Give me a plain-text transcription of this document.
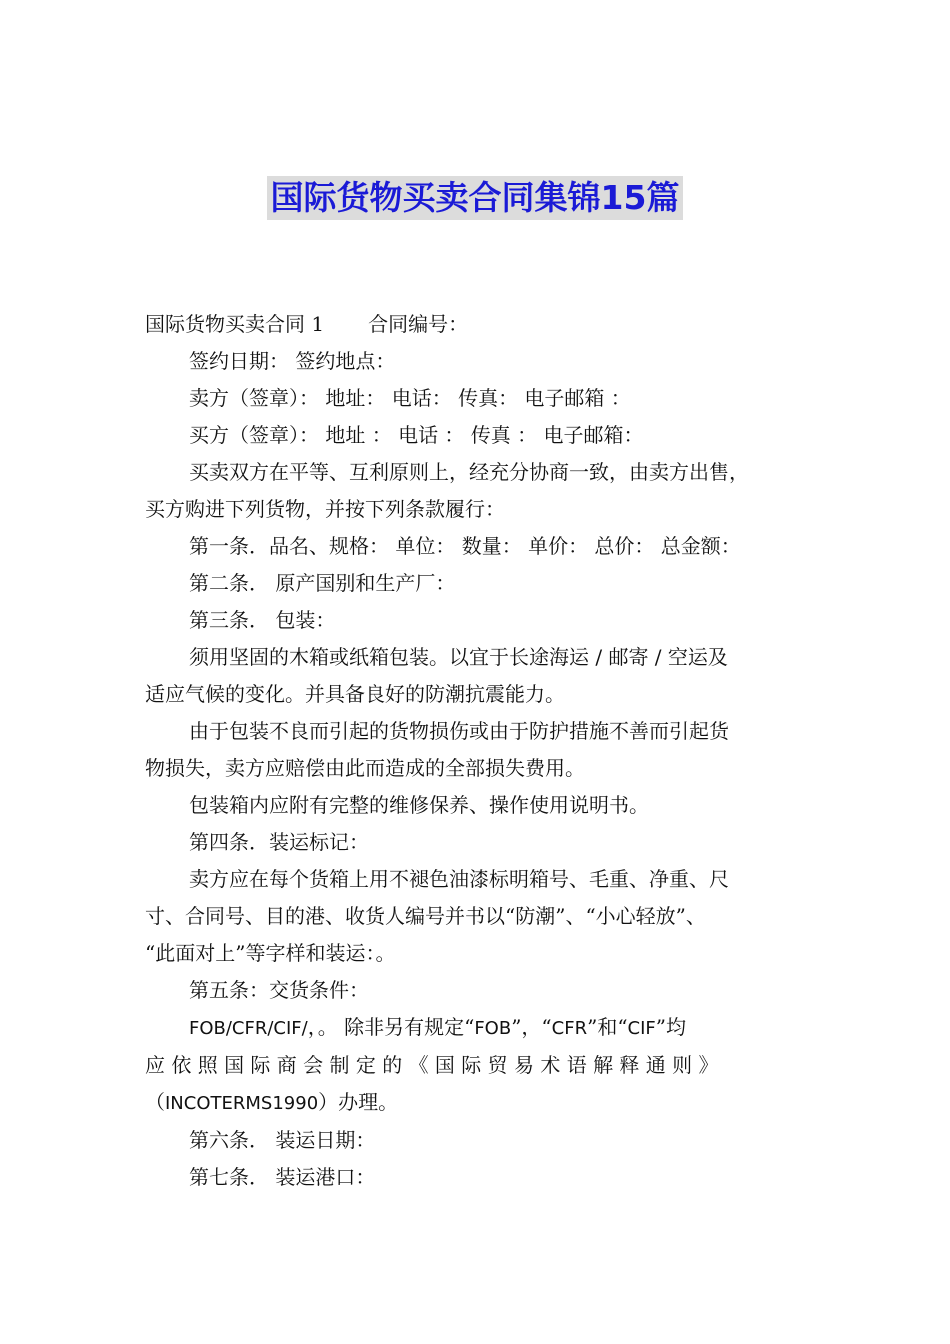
国际货物买卖合同集锦15篇

国际货物买卖合同 1 合同编号：

签约日期： 签约地点：

卖方（签章）： 地址： 电话： 传真： 电子邮箱 ：

买方（签章）： 地址 ： 电话 ： 传真 ： 电子邮箱：

买卖双方在平等、互利原则上，经充分协商一致，由卖方出售，

买方购进下列货物，并按下列条款履行：

第一条．品名、规格： 单位： 数量： 单价： 总价： 总金额：

第二条． 原产国别和生产厂：

第三条． 包装：

须用坚固的木箱或纸箱包装。以宜于长途海运 / 邮寄 / 空运及

适应气候的变化。并具备良好的防潮抗震能力。

由于包装不良而引起的货物损伤或由于防护措施不善而引起货

物损失，卖方应赔偿由此而造成的全部损失费用。

包装箱内应附有完整的维修保养、操作使用说明书。

第四条．装运标记：

卖方应在每个货箱上用不褪色油漆标明箱号、毛重、净重、尺

寸、合同号、目的港、收货人编号并书以“防潮”、“小心轻放”、

“此面对上”等字样和装运：。

第五条：交货条件：

FOB/CFR/CIF/，。 除非另有规定“FOB”，“CFR”和“CIF”均

应 依 照 国 际 商 会 制 定 的 《 国 际 贸 易 术 语 解 释 通 则 》

（INCOTERMS1990）办理。

第六条． 装运日期：

第七条． 装运港口：
